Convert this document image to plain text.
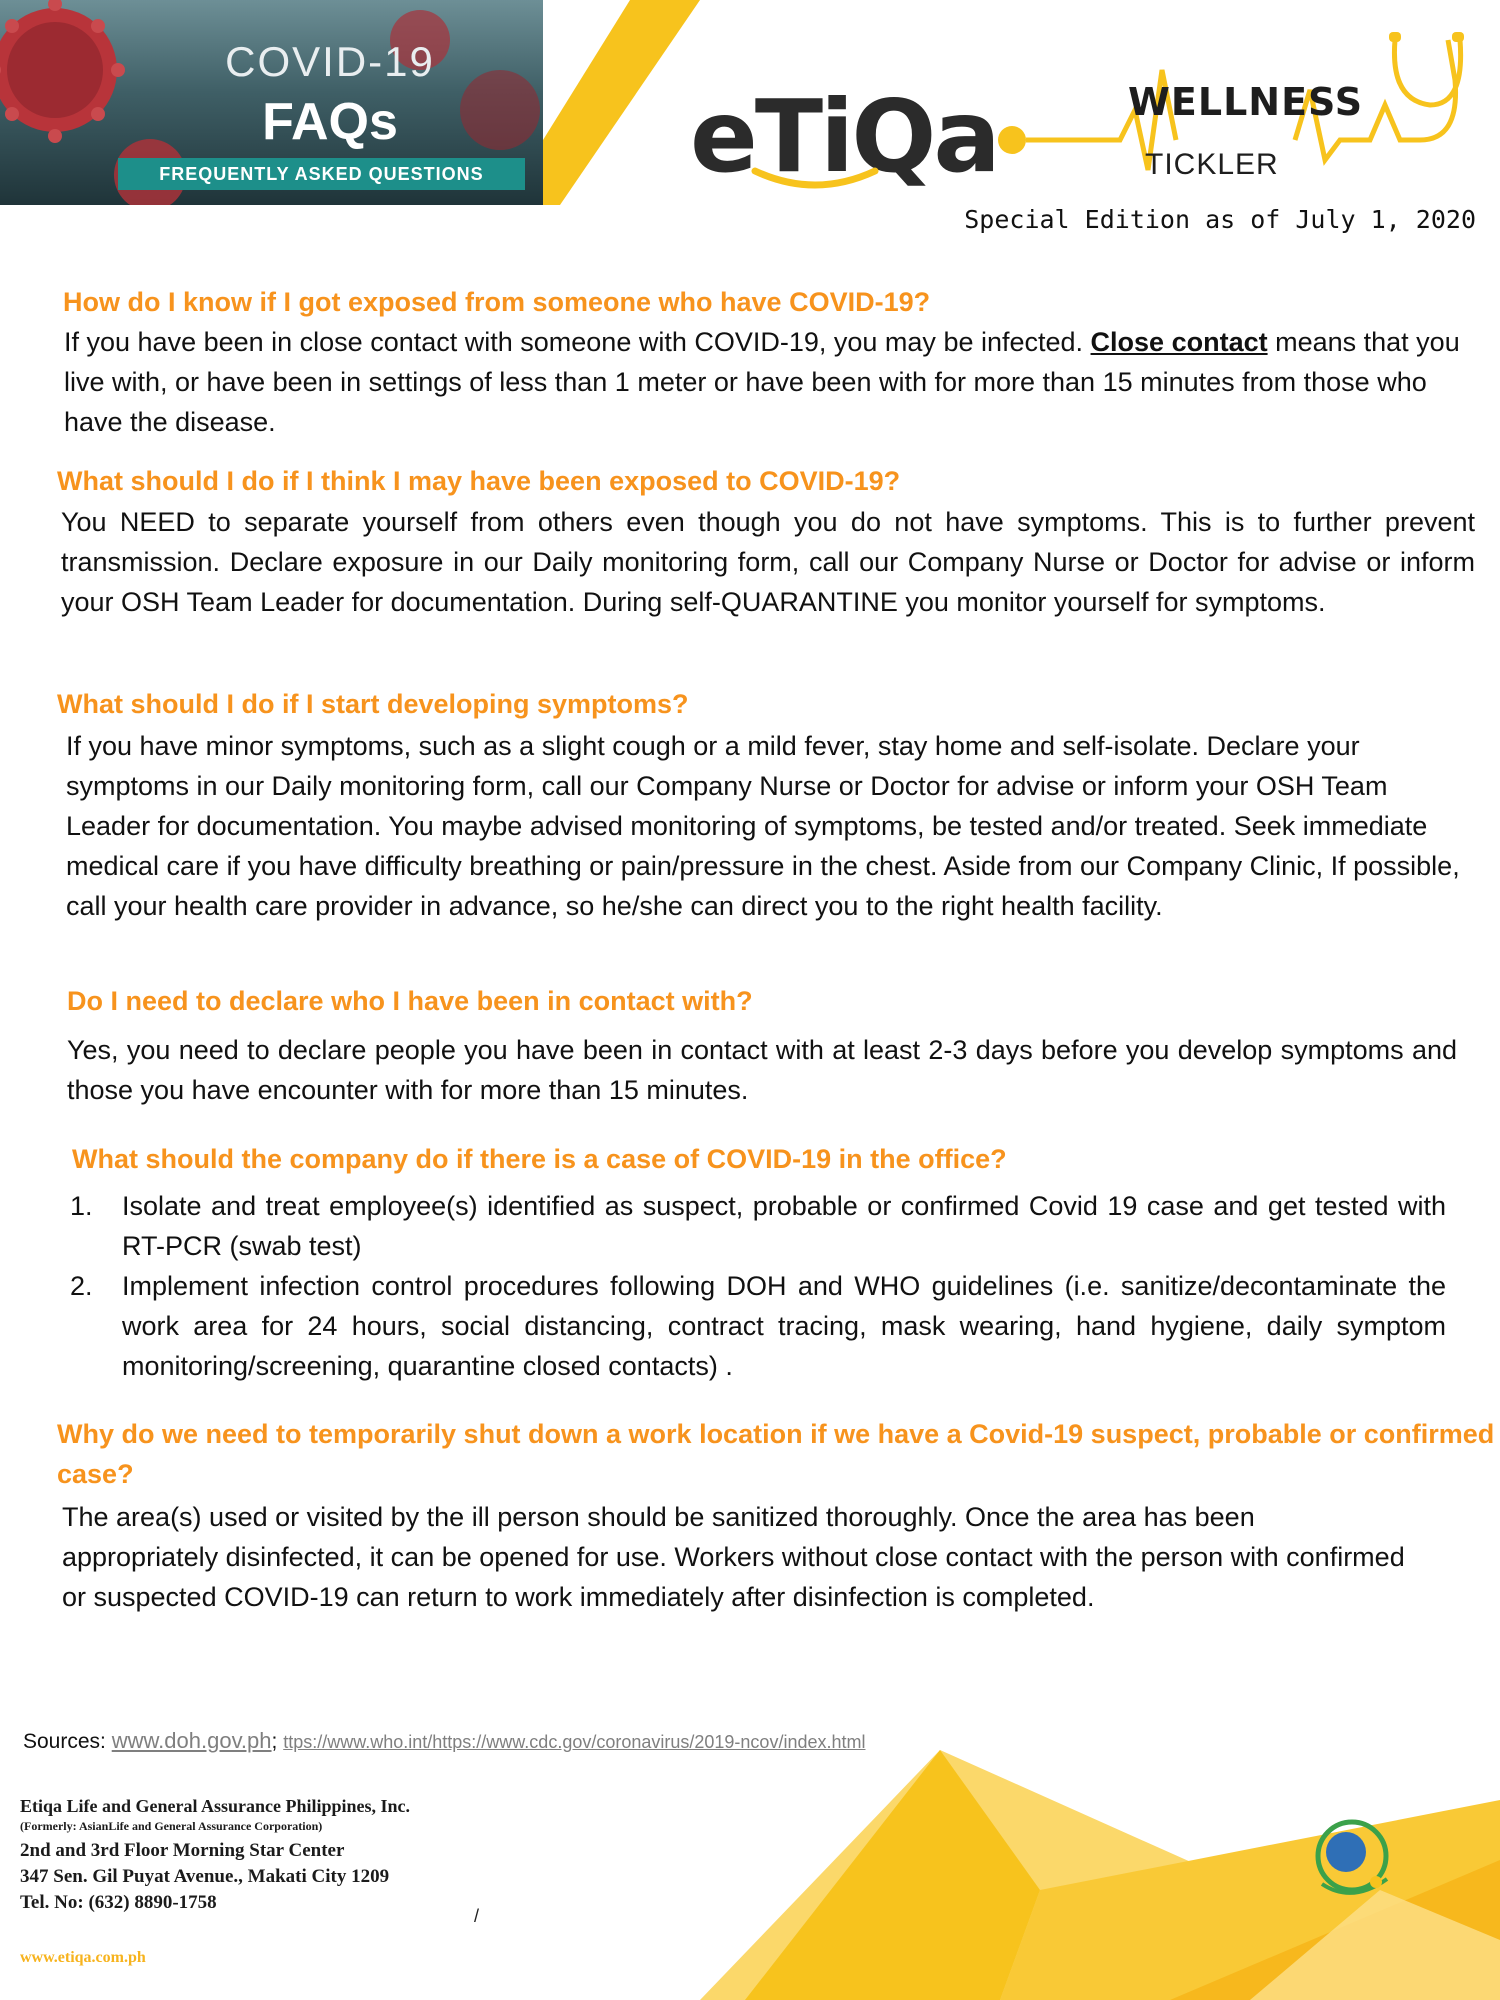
COVID-19
FAQs
FREQUENTLY ASKED QUESTIONS	eTiQa	WELLNESS
TICKLER
Special Edition as of July 1, 2020
How do I know if I got exposed from someone who have COVID-19?
If you have been in close contact with someone with COVID-19, you may be infected. Close contact means that you live with, or have been in settings of less than 1 meter or have been with for more than 15 minutes from those who have the disease.
What should I do if I think I may have been exposed to COVID-19?
You NEED to separate yourself from others even though you do not have symptoms. This is to further prevent transmission. Declare exposure in our Daily monitoring form, call our Company Nurse or Doctor for advise or inform your OSH Team Leader for documentation. During self-QUARANTINE you monitor yourself for symptoms.
What should I do if I start developing symptoms?
If you have minor symptoms, such as a slight cough or a mild fever, stay home and self-isolate. Declare your symptoms in our Daily monitoring form, call our Company Nurse or Doctor for advise or inform your OSH Team Leader for documentation. You maybe advised monitoring of symptoms, be tested and/or treated. Seek immediate medical care if you have difficulty breathing or pain/pressure in the chest. Aside from our Company Clinic, If possible, call your health care provider in advance, so he/she can direct you to the right health facility.
Do I need to declare who I have been in contact with?
Yes, you need to declare people you have been in contact with at least 2-3 days before you develop symptoms and those you have encounter with for more than 15 minutes.
What should the company do if there is a case of COVID-19 in the office?
1. Isolate and treat employee(s) identified as suspect, probable or confirmed Covid 19 case and get tested with RT-PCR (swab test)
2. Implement infection control procedures following DOH and WHO guidelines (i.e. sanitize/decontaminate the work area for 24 hours, social distancing, contract tracing, mask wearing, hand hygiene, daily symptom monitoring/screening, quarantine closed contacts) .
Why do we need to temporarily shut down a work location if we have a Covid-19 suspect, probable or confirmed case?
The area(s) used or visited by the ill person should be sanitized thoroughly. Once the area has been appropriately disinfected, it can be opened for use. Workers without close contact with the person with confirmed or suspected COVID-19 can return to work immediately after disinfection is completed.
Sources: www.doh.gov.ph; ttps://www.who.int/https://www.cdc.gov/coronavirus/2019-ncov/index.html
Etiqa Life and General Assurance Philippines, Inc.
(Formerly: AsianLife and General Assurance Corporation)
2nd and 3rd Floor Morning Star Center
347 Sen. Gil Puyat Avenue., Makati City 1209
Tel. No: (632) 8890-1758
/
www.etiqa.com.ph
